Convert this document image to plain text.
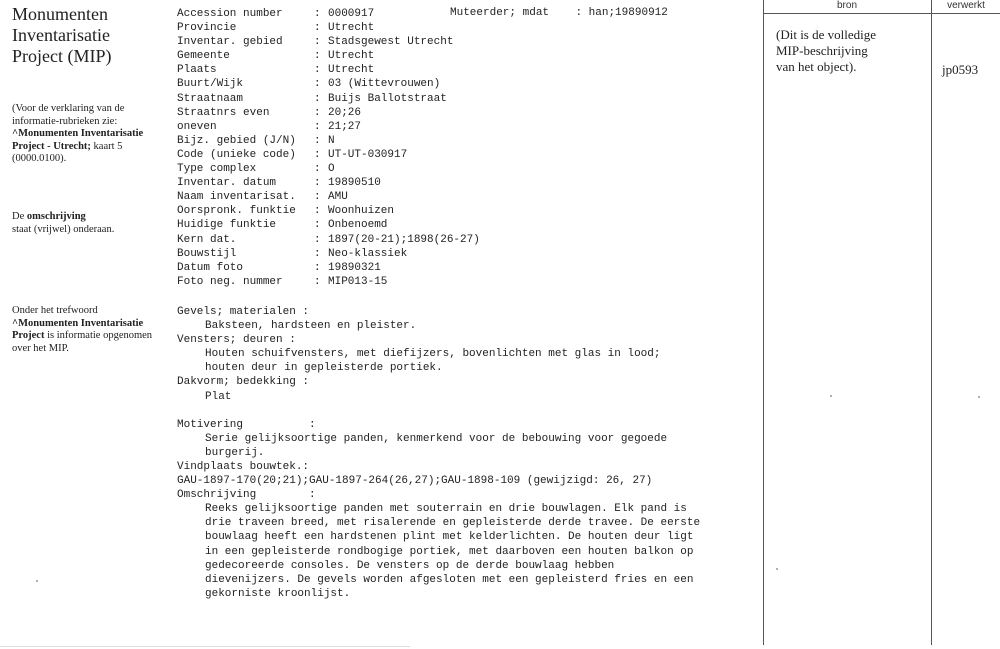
Monumenten
Inventarisatie
Project (MIP)
(Voor de verklaring van de informatie-rubrieken zie: ^Monumenten Inventarisatie Project - Utrecht; kaart 5 (0000.0100).
De omschrijving
staat (vrijwel) onderaan.
Onder het trefwoord
^Monumenten Inventarisatie Project is informatie opgenomen over het MIP.
Muteerder; mdat : han;19890912
Accession number	: 0000917
Provincie	: Utrecht
Inventar. gebied	: Stadsgewest Utrecht
Gemeente	: Utrecht
Plaats	: Utrecht
Buurt/Wijk	: 03 (Wittevrouwen)
Straatnaam	: Buijs Ballotstraat
Straatnrs even	: 20;26
oneven	: 21;27
Bijz. gebied (J/N) : N
Code (unieke code) : UT-UT-030917
Type complex	: O
Inventar. datum	: 19890510
Naam inventarisat. : AMU
Oorspronk. funktie : Woonhuizen
Huidige funktie	: Onbenoemd
Kern dat.	: 1897(20-21);1898(26-27)
Bouwstijl	: Neo-klassiek
Datum foto	: 19890321
Foto neg. nummer	: MIP013-15
Gevels; materialen :
Baksteen, hardsteen en pleister.
Vensters; deuren :
Houten schuifvensters, met diefijzers, bovenlichten met glas in lood;
houten deur in gepleisterde portiek.
Dakvorm; bedekking :
Plat
Motivering          :
Serie gelijksoortige panden, kenmerkend voor de bebouwing voor gegoede
burgerij.
Vindplaats bouwtek.:
GAU-1897-170(20;21);GAU-1897-264(26,27);GAU-1898-109 (gewijzigd: 26, 27)
Omschrijving        :
Reeks gelijksoortige panden met souterrain en drie bouwlagen. Elk pand is
drie traveen breed, met risalerende en gepleisterde derde travee. De eerste
bouwlaag heeft een hardstenen plint met kelderlichten. De houten deur ligt
in een gepleisterde rondbogige portiek, met daarboven een houten balkon op
gedecoreerde consoles. De vensters op de derde bouwlaag hebben
dievenijzers. De gevels worden afgesloten met een gepleisterd fries en een
gekorniste kroonlijst.
bron	verwerkt
(Dit is de volledige
MIP-beschrijving
van het object).	jp0593
